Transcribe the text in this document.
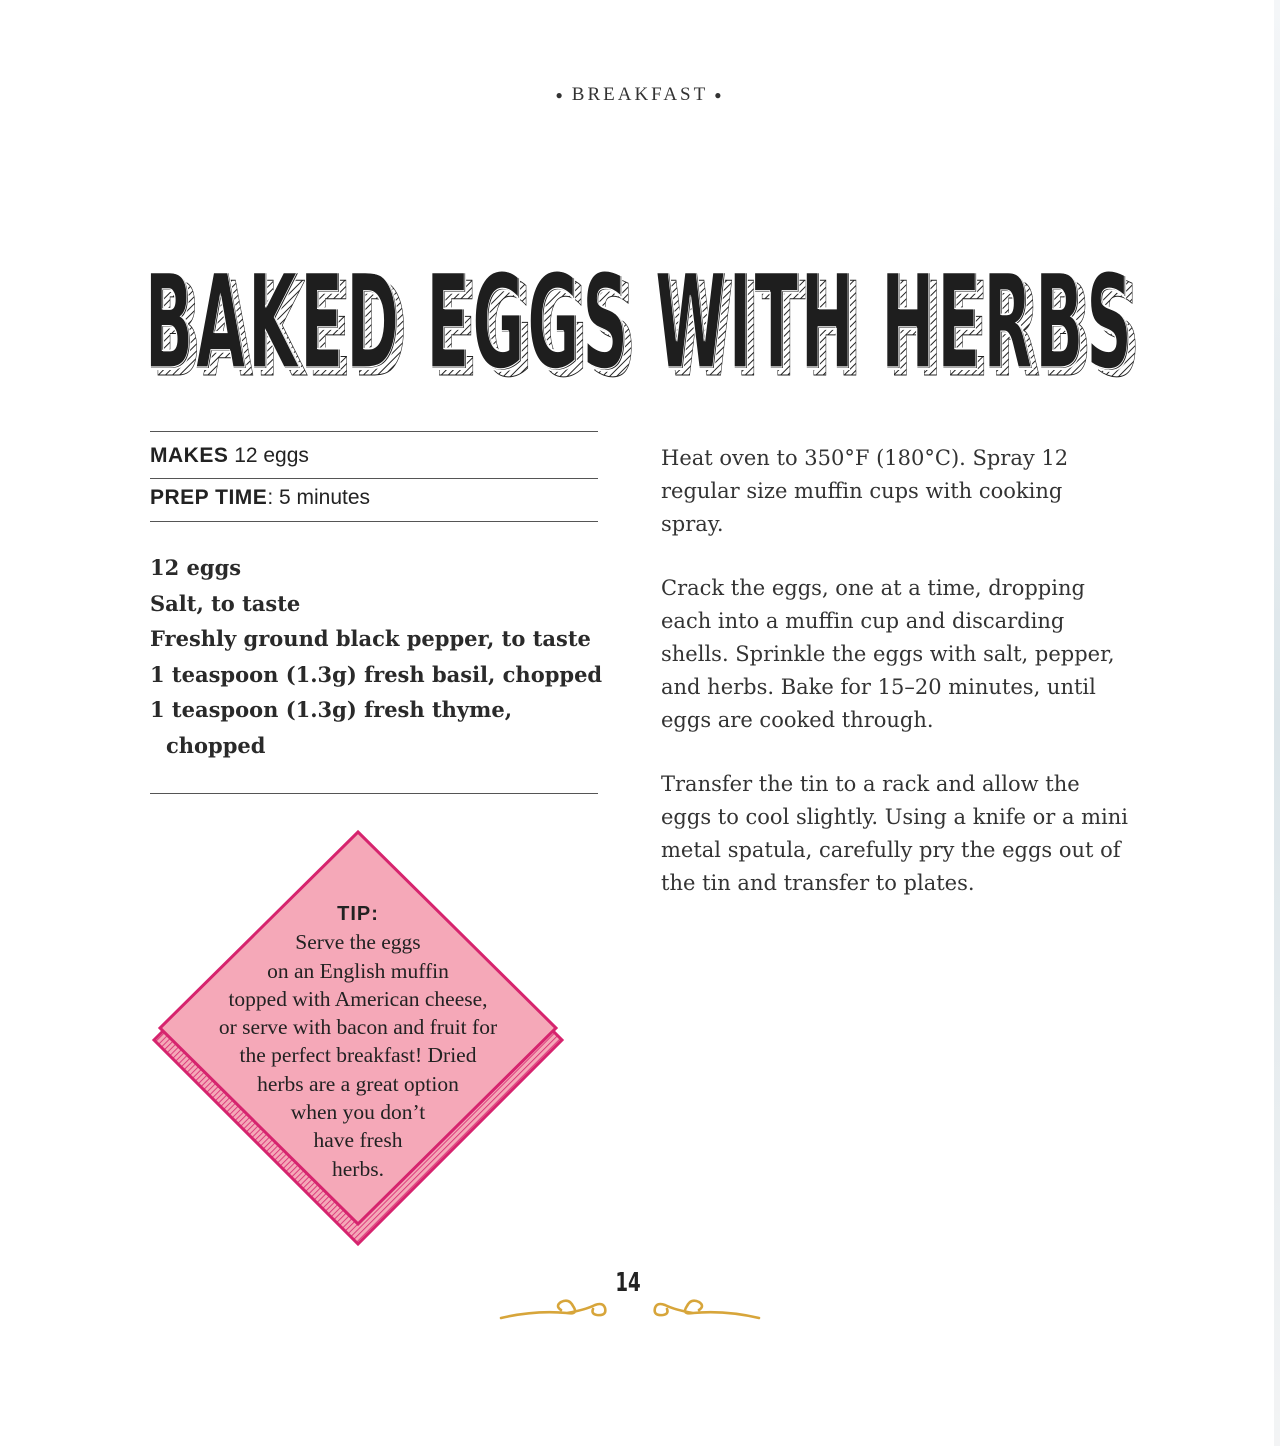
● BREAKFAST ●
BAKED EGGS WITH HERBS
BAKED EGGS WITH HERBS
BAKED EGGS WITH HERBS
MAKES 12 eggs
PREP TIME: 5 minutes
12 eggs
Salt, to taste
Freshly ground black pepper, to taste
1 teaspoon (1.3g) fresh basil, chopped
1 teaspoon (1.3g) fresh thyme, chopped

Heat oven to 350°F (180°C). Spray 12 regular size muffin cups with cooking spray.

Crack the eggs, one at a time, dropping each into a muffin cup and discarding shells. Sprinkle the eggs with salt, pepper, and herbs. Bake for 15–20 minutes, until eggs are cooked through.

Transfer the tin to a rack and allow the eggs to cool slightly. Using a knife or a mini metal spatula, carefully pry the eggs out of the tin and transfer to plates.

TIP:
Serve the eggs
on an English muffin
topped with American cheese,
or serve with bacon and fruit for
the perfect breakfast! Dried
herbs are a great option
when you don’t
have fresh
herbs.
14
